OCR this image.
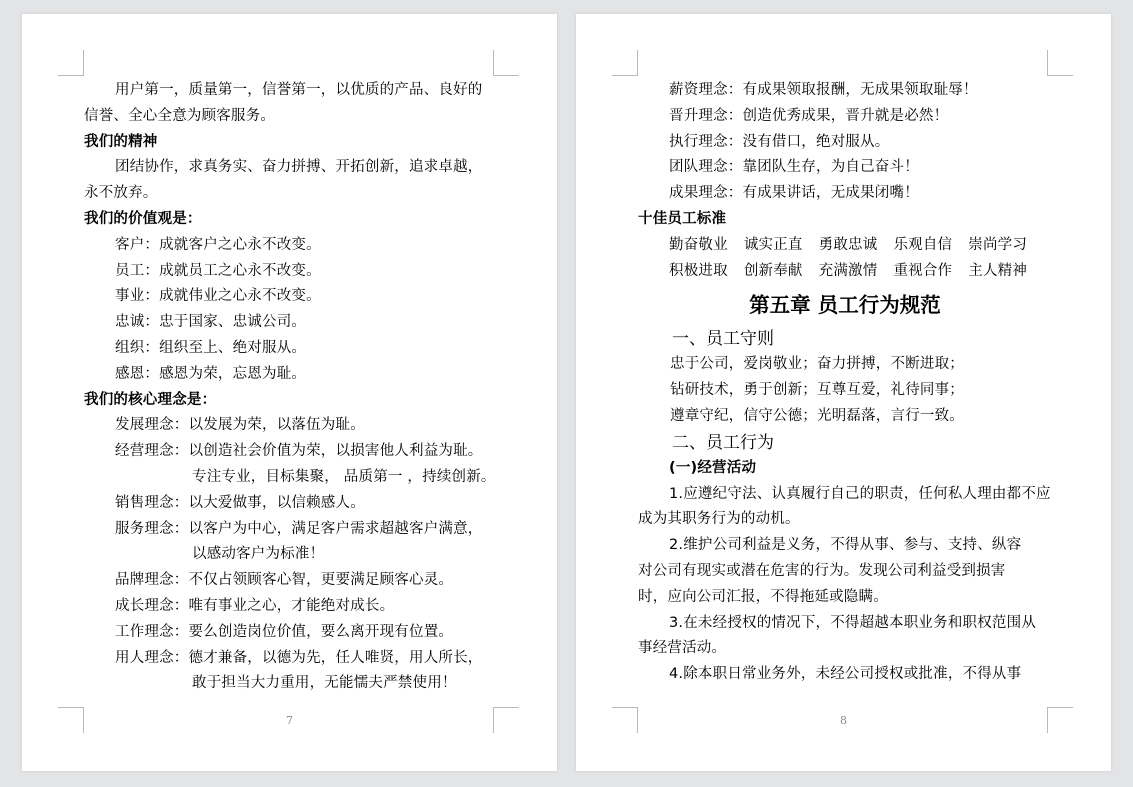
用户第一，质量第一，信誉第一，以优质的产品、良好的
信誉、全心全意为顾客服务。
我们的精神
团结协作，求真务实、奋力拼搏、开拓创新，追求卓越，
永不放弃。
我们的价值观是：
客户：成就客户之心永不改变。
员工：成就员工之心永不改变。
事业：成就伟业之心永不改变。
忠诚：忠于国家、忠诚公司。
组织：组织至上、绝对服从。
感恩：感恩为荣，忘恩为耻。
我们的核心理念是：
发展理念：以发展为荣，以落伍为耻。
经营理念：以创造社会价值为荣，以损害他人利益为耻。
专注专业，目标集聚， 品质第一 ，持续创新。
销售理念：以大爱做事，以信赖感人。
服务理念：以客户为中心，满足客户需求超越客户满意，
以感动客户为标准！
品牌理念：不仅占领顾客心智，更要满足顾客心灵。
成长理念：唯有事业之心，才能绝对成长。
工作理念：要么创造岗位价值，要么离开现有位置。
用人理念：德才兼备，以德为先，任人唯贤，用人所长，
敢于担当大力重用，无能懦夫严禁使用！
7
薪资理念：有成果领取报酬，无成果领取耻辱！
晋升理念：创造优秀成果，晋升就是必然！
执行理念：没有借口，绝对服从。
团队理念：靠团队生存，为自己奋斗！
成果理念：有成果讲话，无成果闭嘴！
十佳员工标准
勤奋敬业 诚实正直 勇敢忠诚 乐观自信 崇尚学习
积极进取 创新奉献 充满激情 重视合作 主人精神
第五章 员工行为规范
一、员工守则
忠于公司，爱岗敬业；奋力拼搏，不断进取；
钻研技术，勇于创新；互尊互爱，礼待同事；
遵章守纪，信守公德；光明磊落，言行一致。
二、员工行为
(一)经营活动
1.应遵纪守法、认真履行自己的职责，任何私人理由都不应
成为其职务行为的动机。
2.维护公司利益是义务，不得从事、参与、支持、纵容
对公司有现实或潜在危害的行为。发现公司利益受到损害
时，应向公司汇报，不得拖延或隐瞒。
3.在未经授权的情况下，不得超越本职业务和职权范围从
事经营活动。
4.除本职日常业务外，未经公司授权或批准，不得从事
8
